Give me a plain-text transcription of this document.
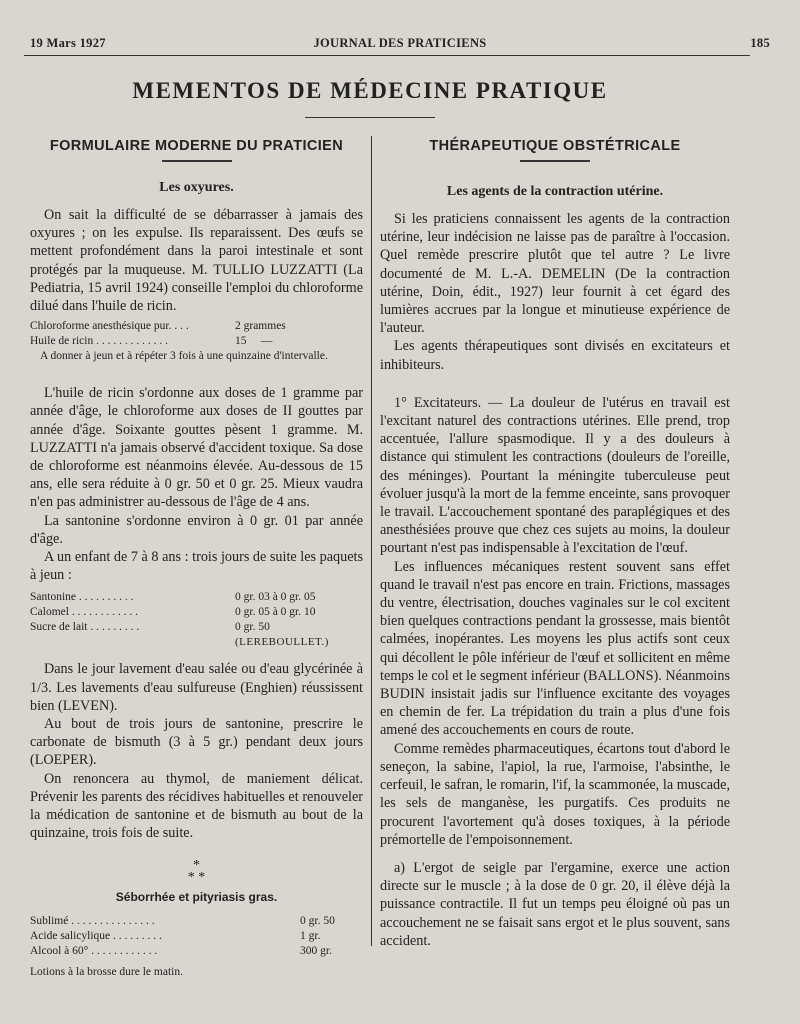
19 Mars 1927	JOURNAL DES PRATICIENS	185
MEMENTOS DE MÉDECINE PRATIQUE
FORMULAIRE MODERNE DU PRATICIEN
Les oxyures.

On sait la difficulté de se débarrasser à jamais des oxyures ; on les expulse. Ils reparaissent. Des œufs se mettent profondément dans la paroi intestinale et sont protégés par la muqueuse. M. TULLIO LUZZATTI (La Pediatria, 15 avril 1924) conseille l'emploi du chloroforme dilué dans l'huile de ricin.

Chloroforme anesthésique pur. . . .	2 grammes
Huile de ricin . . . . . . . . . . . . .	15     —

A donner à jeun et à répéter 3 fois à une quinzaine d'intervalle.

L'huile de ricin s'ordonne aux doses de 1 gramme par année d'âge, le chloroforme aux doses de II gouttes par année d'âge. Soixante gouttes pèsent 1 gramme. M. LUZZATTI n'a jamais observé d'accident toxique. Sa dose de chloroforme est néanmoins élevée. Au-dessous de 15 ans, elle sera réduite à 0 gr. 50 et 0 gr. 25. Mieux vaudra n'en pas administrer au-dessous de l'âge de 4 ans.

La santonine s'ordonne environ à 0 gr. 01 par année d'âge.

A un enfant de 7 à 8 ans : trois jours de suite les paquets à jeun :

Santonine . . . . . . . . . .	0 gr. 03 à 0 gr. 05
Calomel . . . . . . . . . . . .	0 gr. 05 à 0 gr. 10
Sucre de lait . . . . . . . . .	0 gr. 50
	(LEREBOULLET.)

Dans le jour lavement d'eau salée ou d'eau glycérinée à 1/3. Les lavements d'eau sulfureuse (Enghien) réussissent bien (LEVEN).

Au bout de trois jours de santonine, prescrire le carbonate de bismuth (3 à 5 gr.) pendant deux jours (LOEPER).

On renoncera au thymol, de maniement délicat. Prévenir les parents des récidives habituelles et renouveler la médication de santonine et de bismuth au bout de la quinzaine, trois fois de suite.

*
* *
Séborrhée et pityriasis gras.
Sublimé . . . . . . . . . . . . . . .	0 gr. 50
Acide salicylique . . . . . . . . .	1 gr.
Alcool à 60° . . . . . . . . . . . .	300 gr.

Lotions à la brosse dure le matin.

THÉRAPEUTIQUE OBSTÉTRICALE
Les agents de la contraction utérine.

Si les praticiens connaissent les agents de la contraction utérine, leur indécision ne laisse pas de paraître à l'occasion. Quel remède prescrire plutôt que tel autre ? Le livre documenté de M. L.-A. DEMELIN (De la contraction utérine, Doin, édit., 1927) leur fournit à cet égard des lumières accrues par la longue et minutieuse expérience de l'auteur.

Les agents thérapeutiques sont divisés en excitateurs et inhibiteurs.

1° Excitateurs. — La douleur de l'utérus en travail est l'excitant naturel des contractions utérines. Elle prend, trop accentuée, l'allure spasmodique. Il y a des douleurs à distance qui stimulent les contractions (douleurs de l'oreille, des méninges). Pourtant la méningite tuberculeuse peut évoluer jusqu'à la mort de la femme enceinte, sans provoquer le travail. L'accouchement spontané des paraplégiques et des anesthésiées prouve que chez ces sujets au moins, la douleur pourtant n'est pas indispensable à l'excitation de l'œuf.

Les influences mécaniques restent souvent sans effet quand le travail n'est pas encore en train. Frictions, massages du ventre, électrisation, douches vaginales sur le col excitent bien quelques contractions pendant la grossesse, mais bientôt calmées, inopérantes. Les moyens les plus actifs sont ceux qui décollent le pôle inférieur de l'œuf et sollicitent en même temps le col et le segment inférieur (BALLONS). Néanmoins BUDIN insistait jadis sur l'influence excitante des voyages en chemin de fer. La trépidation du train a plus d'une fois amené des accouchements en cours de route.

Comme remèdes pharmaceutiques, écartons tout d'abord le seneçon, la sabine, l'apiol, la rue, l'armoise, l'absinthe, le cerfeuil, le safran, le romarin, l'if, la scammonée, la muscade, les sels de manganèse, les purgatifs. Ces produits ne procurent l'avortement qu'à doses toxiques, à la période prémortelle de l'empoisonnement.

a) L'ergot de seigle par l'ergamine, exerce une action directe sur le muscle ; à la dose de 0 gr. 20, il élève déjà la puissance contractile. Il fut un temps peu éloigné où pas un accouchement ne se faisait sans ergot et le plus souvent, sans accident.
